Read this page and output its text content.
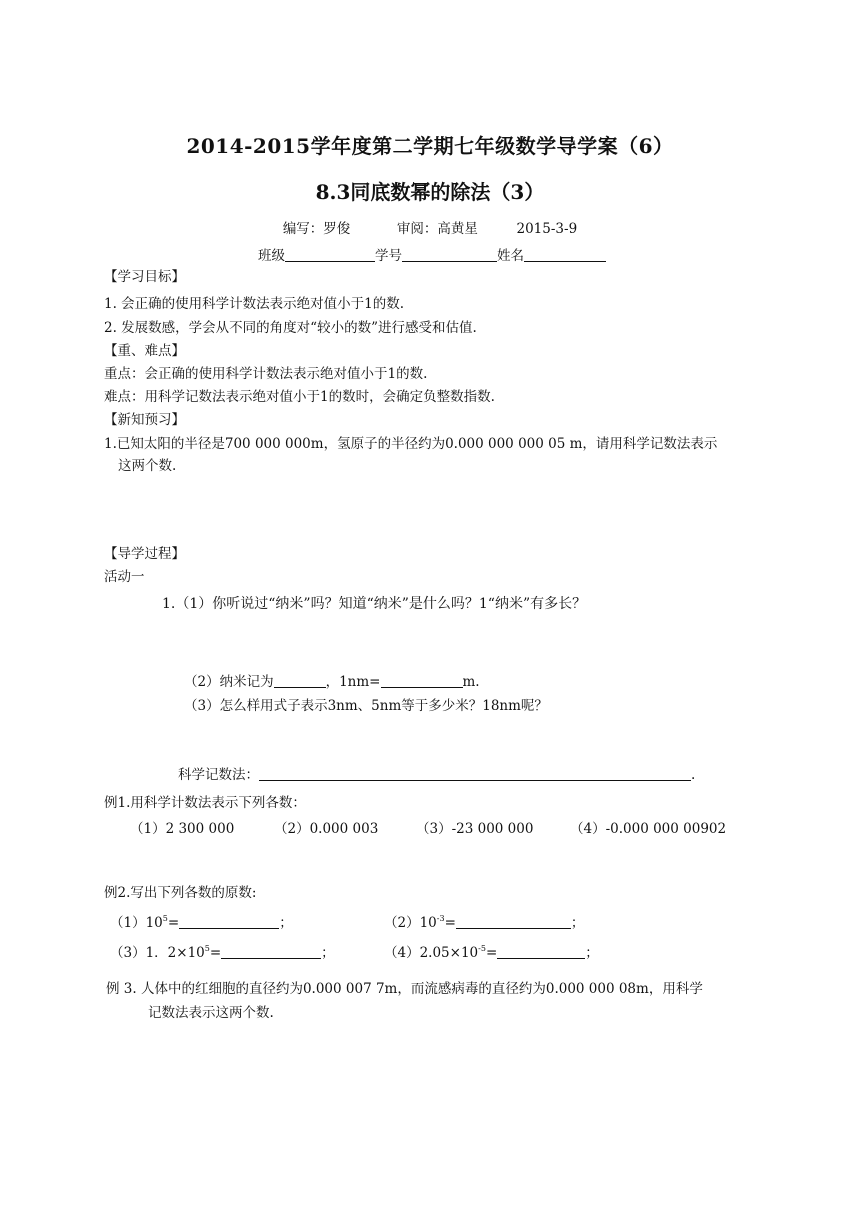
2014-2015学年度第二学期七年级数学导学案（6）
8.3同底数幂的除法（3）
编写：罗俊	审阅：高黄星	2015-3-9
班级	学号	姓名
【学习目标】
1. 会正确的使用科学计数法表示绝对值小于1的数.
2. 发展数感，学会从不同的角度对“较小的数”进行感受和估值.
【重、难点】
重点：会正确的使用科学计数法表示绝对值小于1的数.
难点：用科学记数法表示绝对值小于1的数时，会确定负整数指数.
【新知预习】
1.已知太阳的半径是700 000 000m，氢原子的半径约为0.000 000 000 05 m，请用科学记数法表示
这两个数.
【导学过程】
活动一
1.（1）你听说过“纳米”吗？知道“纳米”是什么吗？1“纳米”有多长？
（2）纳米记为	，1nm=	m.
（3）怎么样用式子表示3nm、5nm等于多少米？18nm呢？
科学记数法：	.
例1.用科学计数法表示下列各数：
（1）2 300 000	（2）0.000 003	（3）-23 000 000	（4）-0.000 000 00902
例2.写出下列各数的原数:
$(1)10^5=$	；	$(2)10^{-3}=$	；
（3）1．$2\times 10^5=$	；	$(4)2.05\times 10^{-5}=$	；
例 3. 人体中的红细胞的直径约为0.000 007 7m，而流感病毒的直径约为0.000 000 08m，用科学
记数法表示这两个数.
